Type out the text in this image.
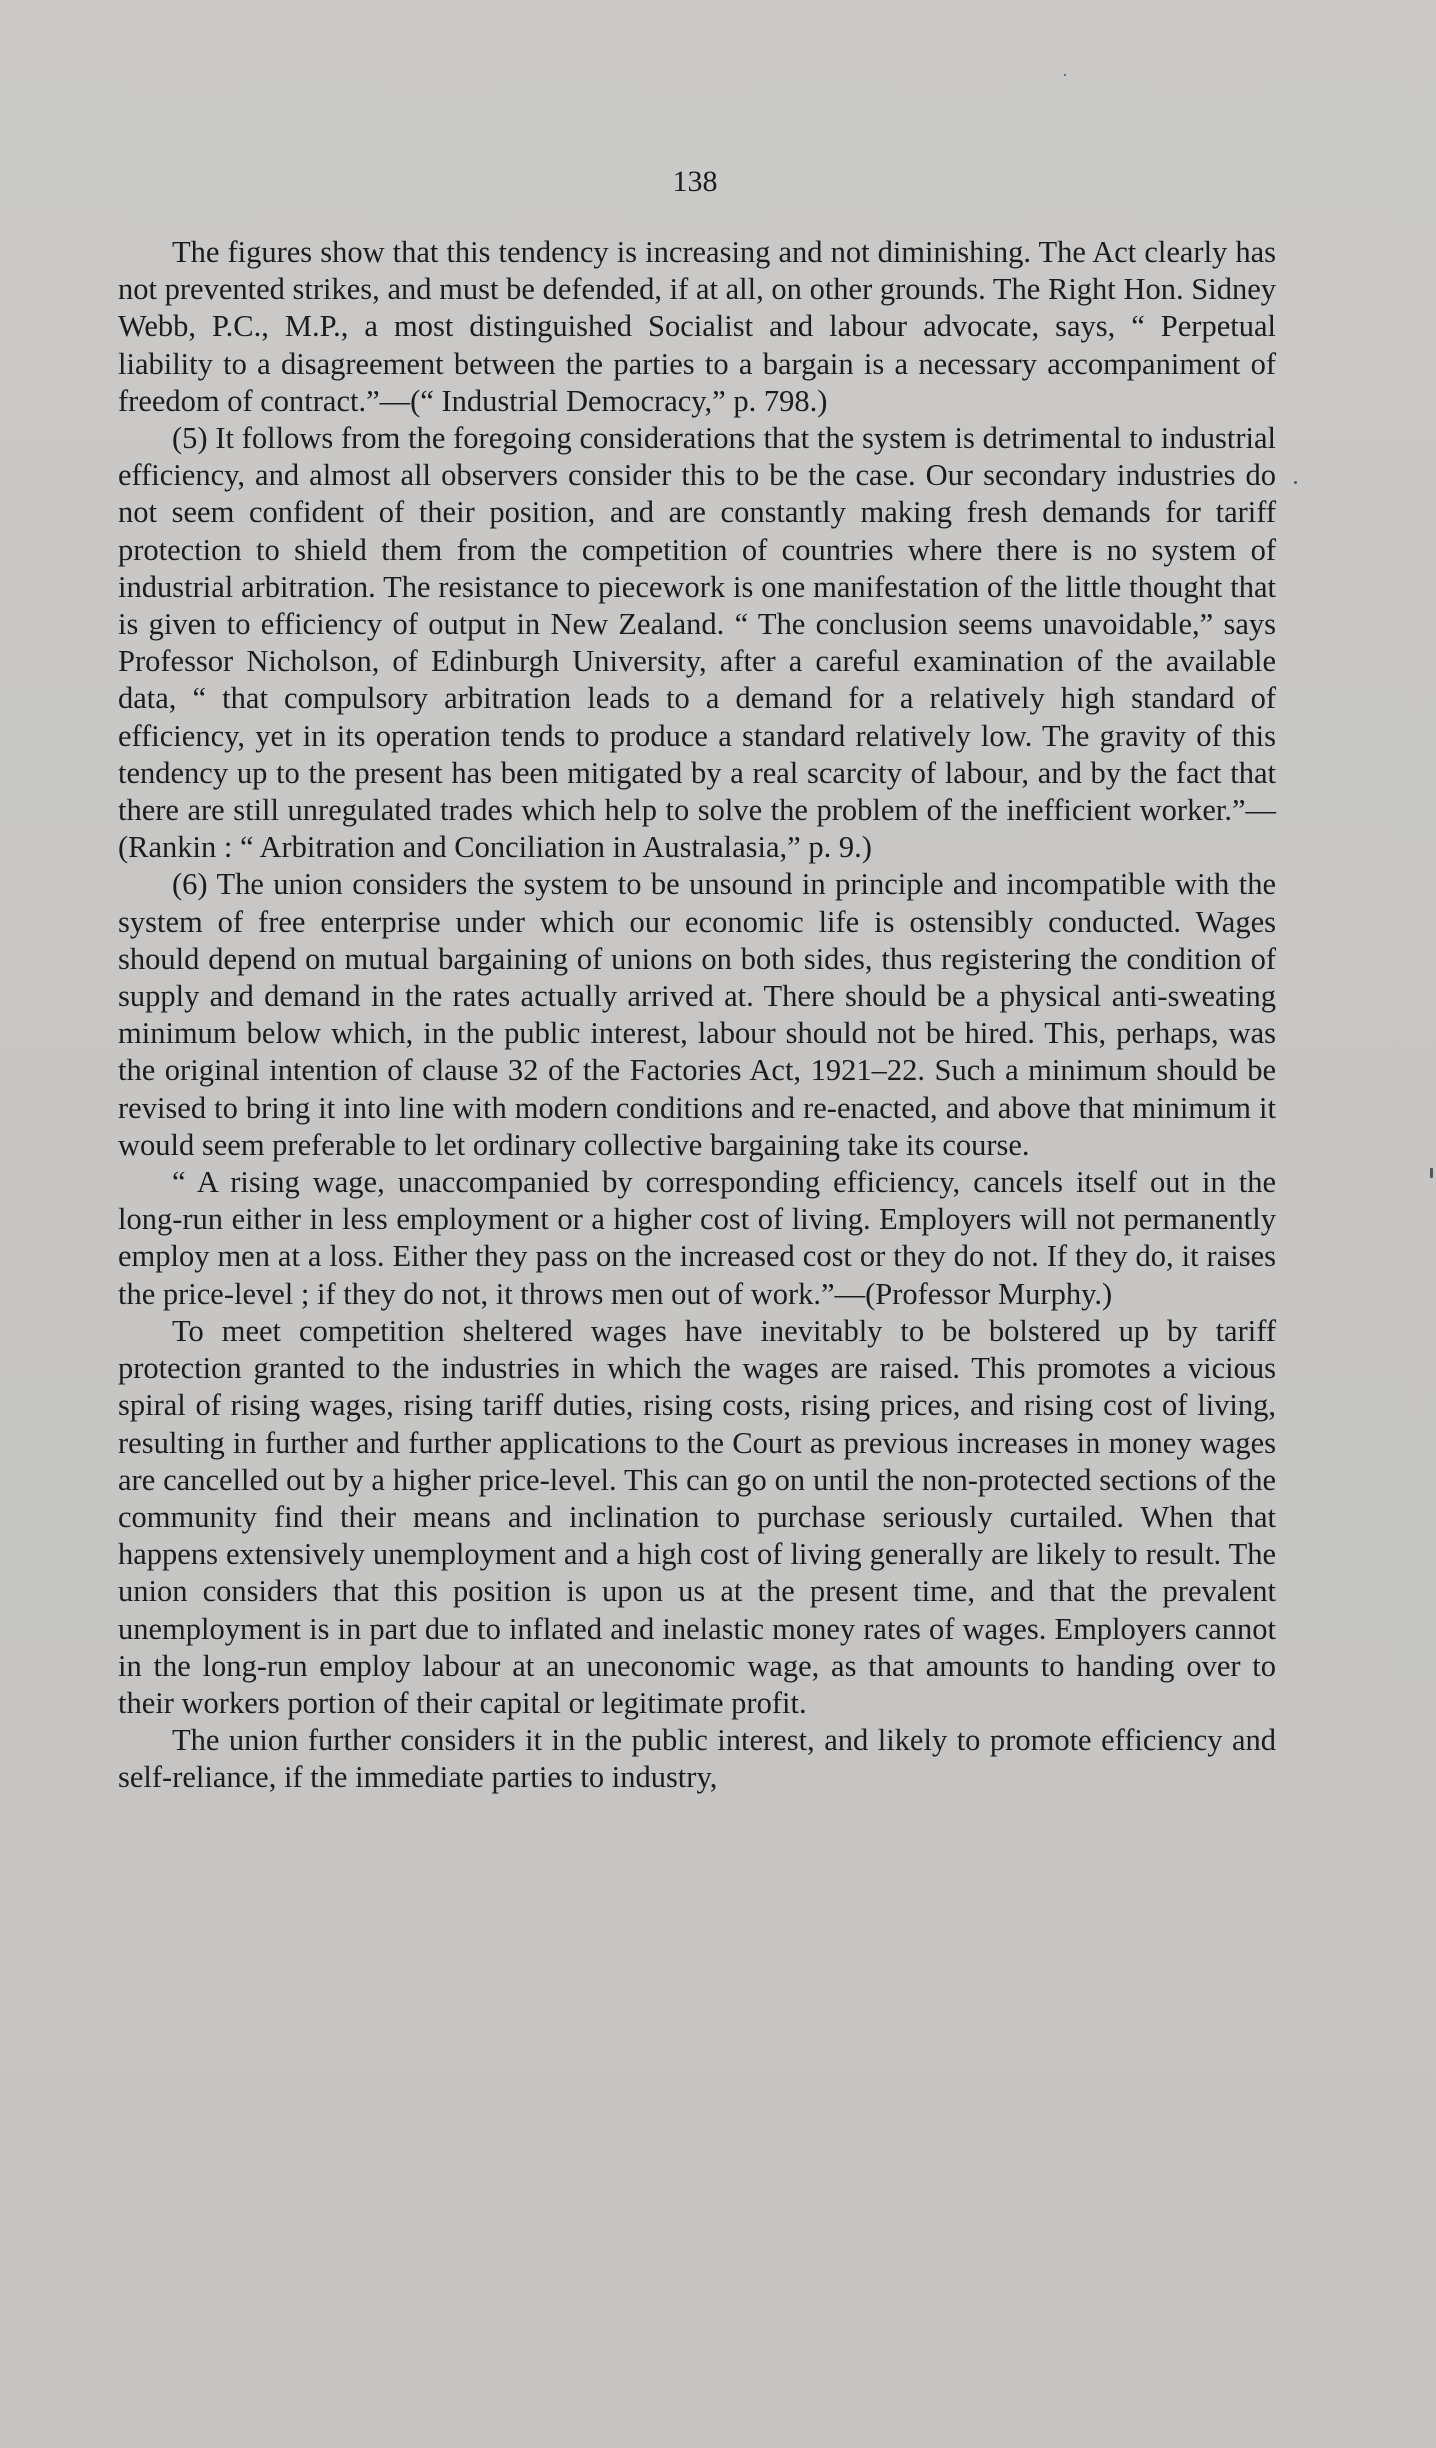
138

The figures show that this tendency is increasing and not diminishing. The Act clearly has not prevented strikes, and must be defended, if at all, on other grounds. The Right Hon. Sidney Webb, P.C., M.P., a most distinguished Socialist and labour advocate, says, “ Perpetual liability to a disagreement between the parties to a bargain is a necessary accompaniment of freedom of contract.”—(“ Industrial Democracy,” p. 798.)

(5) It follows from the foregoing considerations that the system is detrimental to industrial efficiency, and almost all observers consider this to be the case. Our secondary industries do not seem confident of their position, and are constantly making fresh demands for tariff protection to shield them from the competition of countries where there is no system of industrial arbitration. The resistance to piecework is one manifestation of the little thought that is given to efficiency of output in New Zealand. “ The conclusion seems unavoidable,” says Professor Nicholson, of Edinburgh University, after a careful examination of the available data, “ that compulsory arbitration leads to a demand for a relatively high standard of efficiency, yet in its operation tends to produce a standard relatively low. The gravity of this tendency up to the present has been mitigated by a real scarcity of labour, and by the fact that there are still unregulated trades which help to solve the problem of the inefficient worker.”—(Rankin : “ Arbitration and Conciliation in Australasia,” p. 9.)

(6) The union considers the system to be unsound in principle and incompatible with the system of free enterprise under which our economic life is ostensibly conducted. Wages should depend on mutual bargaining of unions on both sides, thus registering the condition of supply and demand in the rates actually arrived at. There should be a physical anti-sweating minimum below which, in the public interest, labour should not be hired. This, perhaps, was the original intention of clause 32 of the Factories Act, 1921–22. Such a minimum should be revised to bring it into line with modern conditions and re-enacted, and above that minimum it would seem preferable to let ordinary collective bargaining take its course.

“ A rising wage, unaccompanied by corresponding efficiency, cancels itself out in the long-run either in less employment or a higher cost of living. Employers will not permanently employ men at a loss. Either they pass on the increased cost or they do not. If they do, it raises the price-level ; if they do not, it throws men out of work.”—(Professor Murphy.)

To meet competition sheltered wages have inevitably to be bolstered up by tariff protection granted to the industries in which the wages are raised. This promotes a vicious spiral of rising wages, rising tariff duties, rising costs, rising prices, and rising cost of living, resulting in further and further applications to the Court as previous increases in money wages are cancelled out by a higher price-level. This can go on until the non-protected sections of the community find their means and inclination to purchase seriously curtailed. When that happens extensively unemployment and a high cost of living generally are likely to result. The union considers that this position is upon us at the present time, and that the prevalent unemployment is in part due to inflated and inelastic money rates of wages. Employers cannot in the long-run employ labour at an uneconomic wage, as that amounts to handing over to their workers portion of their capital or legitimate profit.

The union further considers it in the public interest, and likely to promote efficiency and self-reliance, if the immediate parties to industry,
